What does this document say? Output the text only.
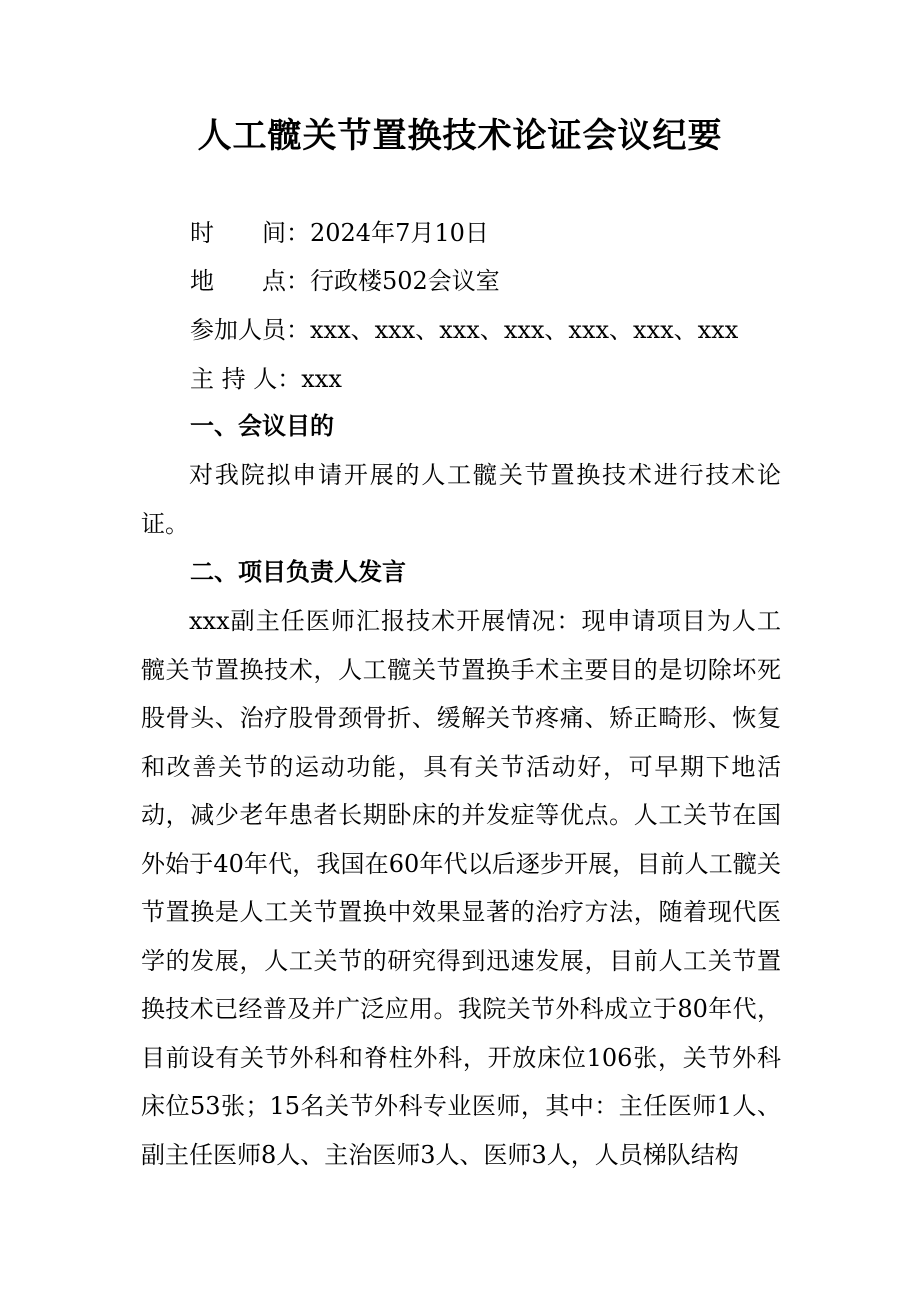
人工髋关节置换技术论证会议纪要
时 间：2024年7月10日
地 点：行政楼502会议室
参加人员：xxx、xxx、xxx、xxx、xxx、xxx、xxx
主 持 人：xxx
一、会议目的

对我院拟申请开展的人工髋关节置换技术进行技术论证。

二、项目负责人发言

xxx副主任医师汇报技术开展情况：现申请项目为人工髋关节置换技术，人工髋关节置换手术主要目的是切除坏死股骨头、治疗股骨颈骨折、缓解关节疼痛、矫正畸形、恢复和改善关节的运动功能，具有关节活动好，可早期下地活动，减少老年患者长期卧床的并发症等优点。人工关节在国外始于40年代，我国在60年代以后逐步开展，目前人工髋关节置换是人工关节置换中效果显著的治疗方法，随着现代医学的发展，人工关节的研究得到迅速发展，目前人工关节置换技术已经普及并广泛应用。我院关节外科成立于80年代，目前设有关节外科和脊柱外科，开放床位106张，关节外科床位53张；15名关节外科专业医师，其中：主任医师1人、副主任医师8人、主治医师3人、医师3人，人员梯队结构
